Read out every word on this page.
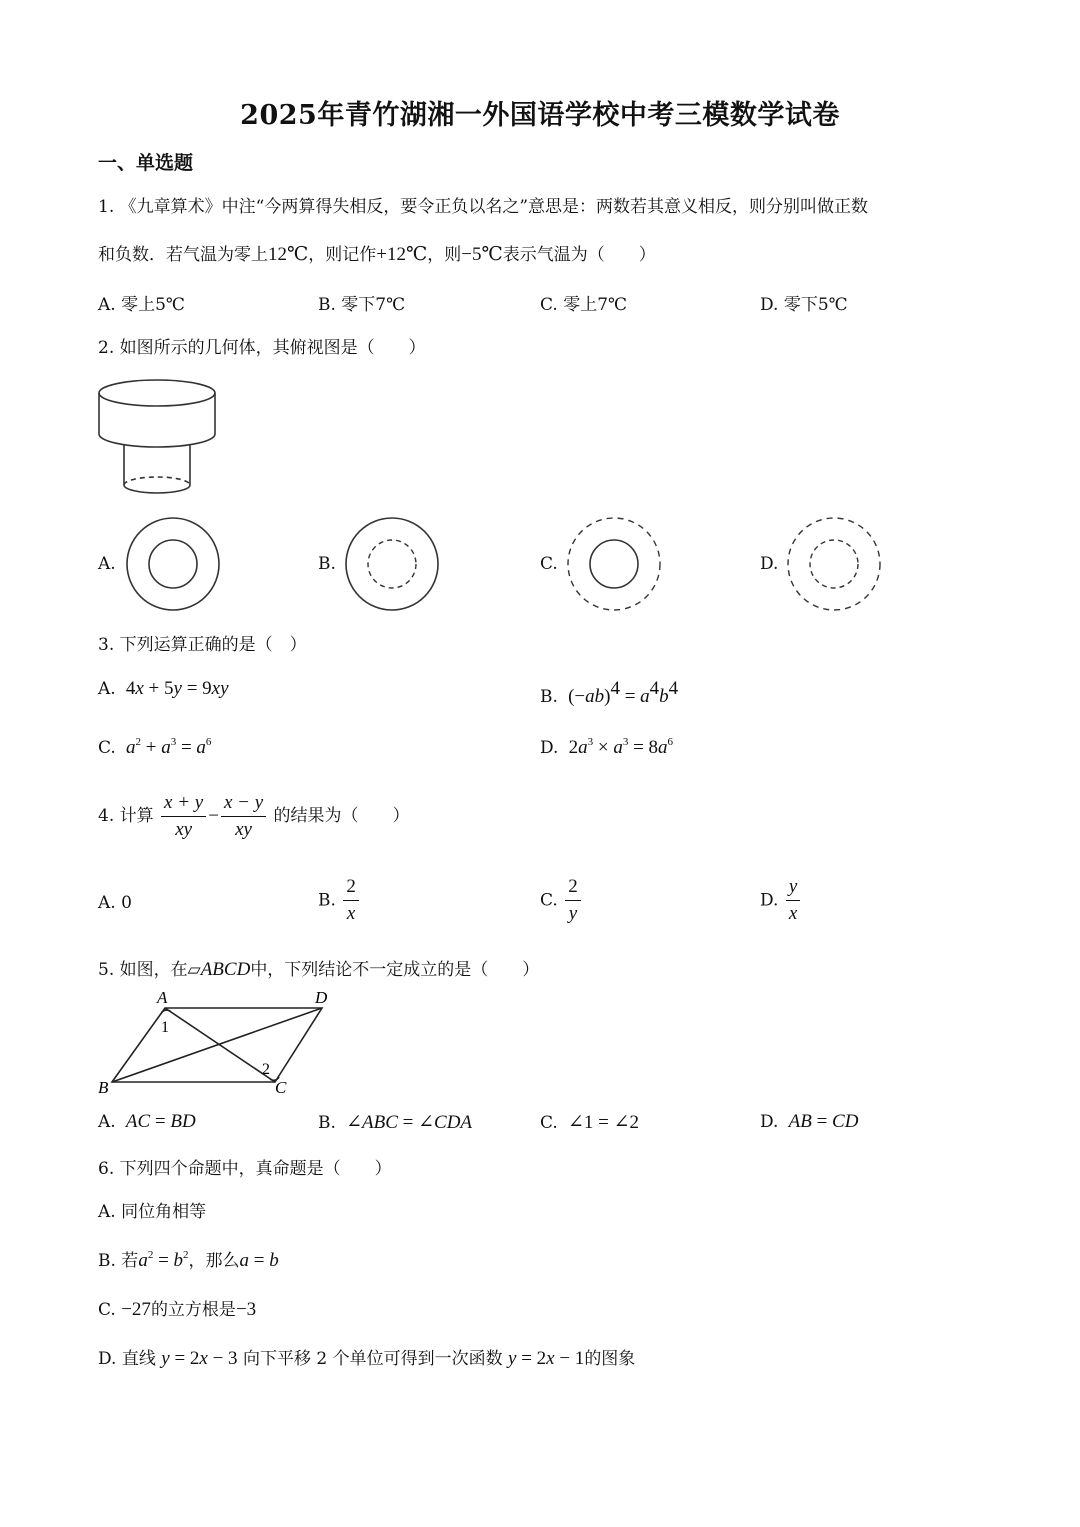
2025年青竹湖湘一外国语学校中考三模数学试卷
一、单选题
1. 《九章算术》中注“今两算得失相反，要令正负以名之”意思是：两数若其意义相反，则分别叫做正数
和负数．若气温为零上12℃，则记作+12℃，则−5℃表示气温为（　　）
A. 零上5℃	B. 零下7℃	C. 零上7℃	D. 零下5℃
2. 如图所示的几何体，其俯视图是（　　）
A.	B.	C.	D.
3. 下列运算正确的是（　）
A. 4x + 5y = 9xy	B. $(-ab)^4 = a^4b^4$
C.  $a^2 + a^3 = a^6$	D. $2a^3 \times a^3 = 8a^6$
4. 计算 $\frac{x + y}{xy} - \frac{x - y}{xy}$ 的结果为（　　）
A. 0	B. $\frac{2}{x}$	C. $\frac{2}{y}$	D. $\frac{y}{x}$
5. 如图，在▱ABCD中，下列结论不一定成立的是（　　）
A	D
B	C
1
2
A.  AC = BD	B. ∠ABC = ∠CDA	C.  ∠1 = ∠2	D.  AB = CD
6. 下列四个命题中，真命题是（　　）
A. 同位角相等
B. 若$a^2 = b^2$，那么a = b
C. −27的立方根是−3
D. 直线 y = 2x − 3 向下平移 2 个单位可得到一次函数 y = 2x − 1的图象
